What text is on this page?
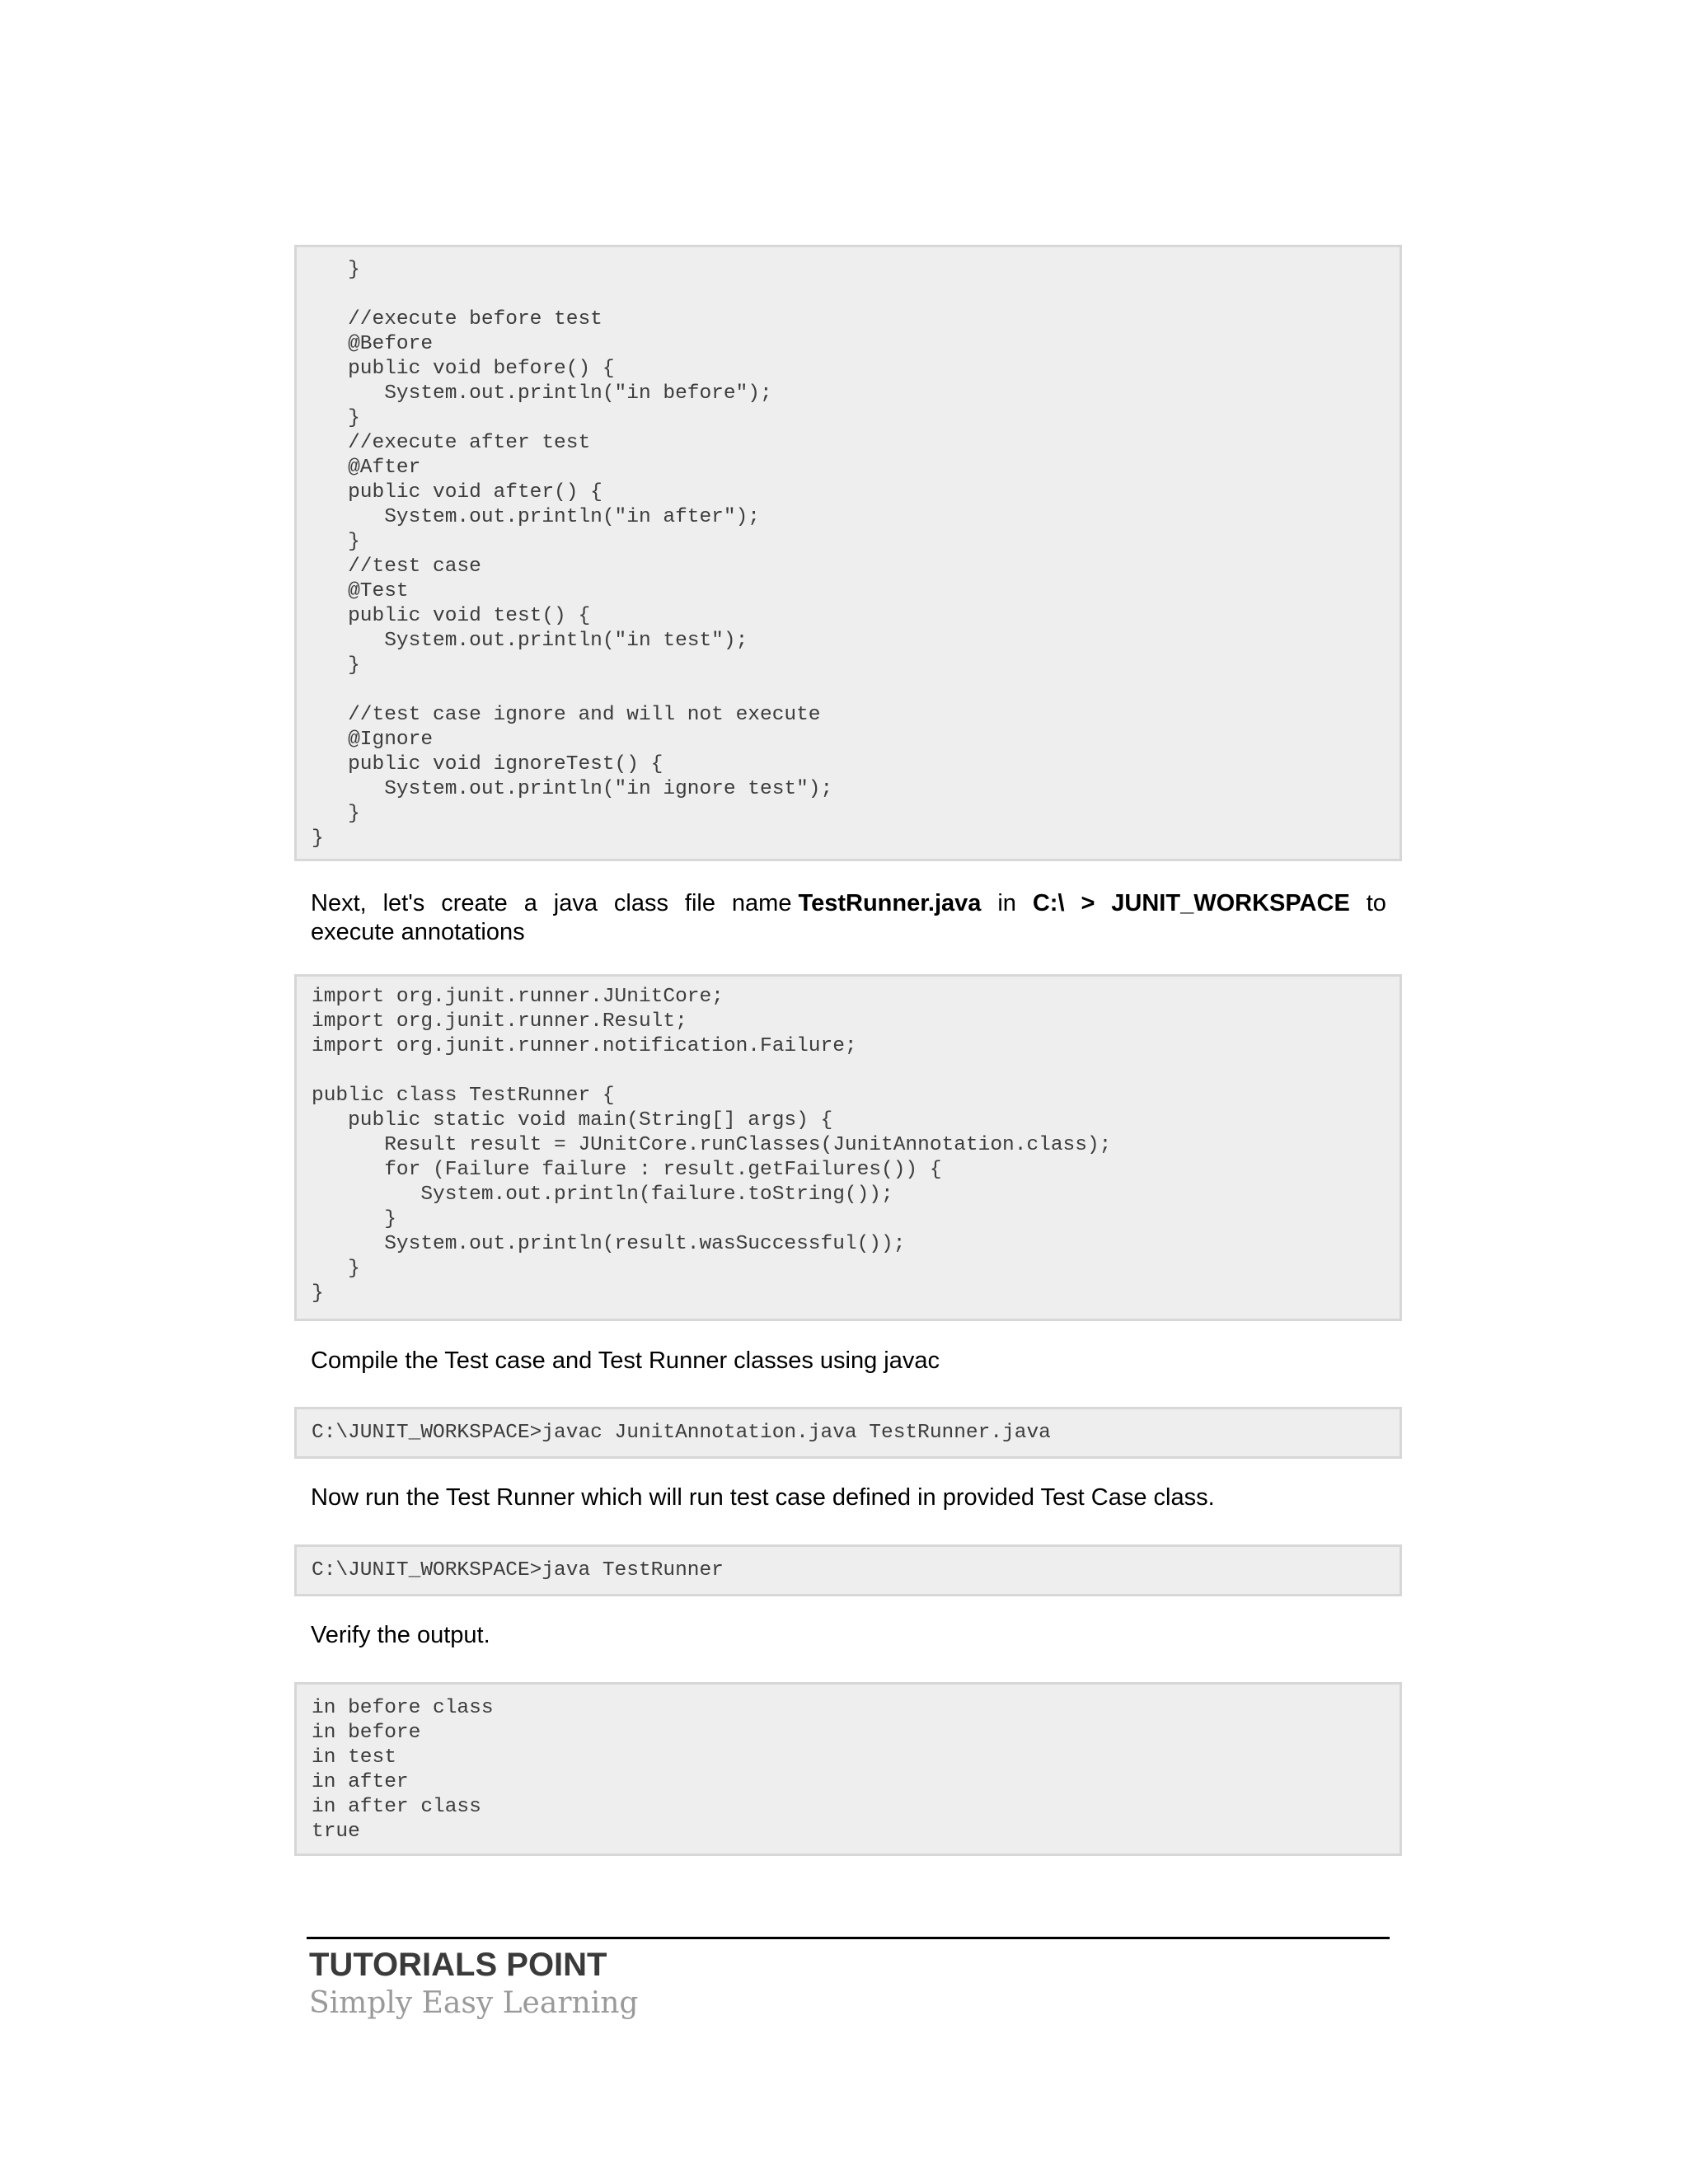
}

//execute before test
@Before
public void before() {
System.out.println("in before");
}
//execute after test
@After
public void after() {
System.out.println("in after");
}
//test case
@Test
public void test() {
System.out.println("in test");
}

//test case ignore and will not execute
@Ignore
public void ignoreTest() {
System.out.println("in ignore test");
}
}
Next, let's create a java class file name TestRunner.java in C:\ > JUNIT_WORKSPACE to
execute annotations
import org.junit.runner.JUnitCore;
import org.junit.runner.Result;
import org.junit.runner.notification.Failure;

public class TestRunner {
public static void main(String[] args) {
Result result = JUnitCore.runClasses(JunitAnnotation.class);
for (Failure failure : result.getFailures()) {
System.out.println(failure.toString());
}
System.out.println(result.wasSuccessful());
}
}
Compile the Test case and Test Runner classes using javac
C:\JUNIT_WORKSPACE>javac JunitAnnotation.java TestRunner.java
Now run the Test Runner which will run test case defined in provided Test Case class.
C:\JUNIT_WORKSPACE>java TestRunner
Verify the output.
in before class
in before
in test
in after
in after class
true
TUTORIALS POINT
Simply Easy Learning
